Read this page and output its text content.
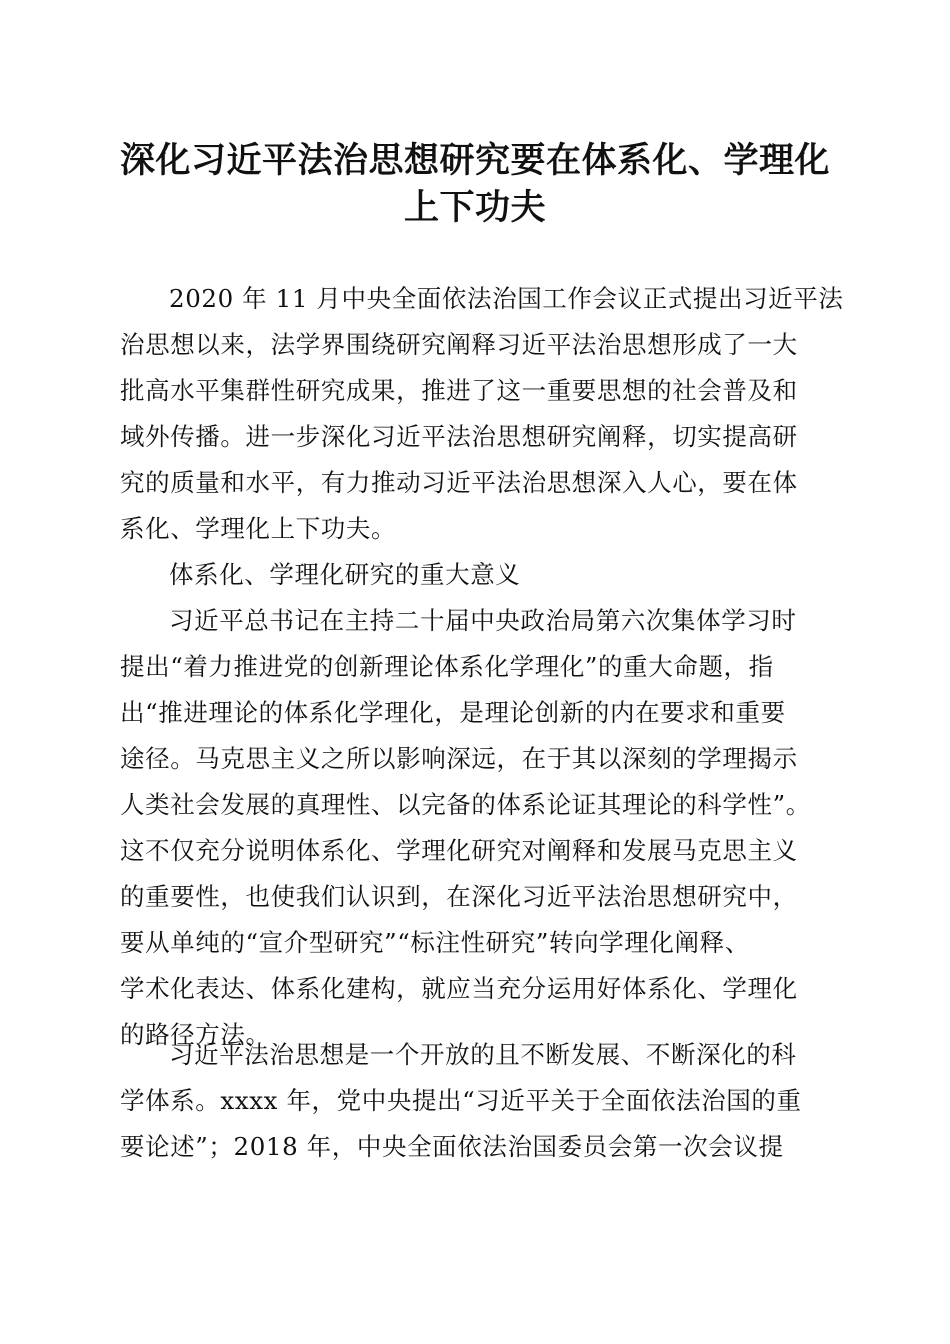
深化习近平法治思想研究要在体系化、学理化
上下功夫
2020 年 11 月中央全面依法治国工作会议正式提出习近平法
治思想以来，法学界围绕研究阐释习近平法治思想形成了一大
批高水平集群性研究成果，推进了这一重要思想的社会普及和
域外传播。进一步深化习近平法治思想研究阐释，切实提高研
究的质量和水平，有力推动习近平法治思想深入人心，要在体
系化、学理化上下功夫。
体系化、学理化研究的重大意义
习近平总书记在主持二十届中央政治局第六次集体学习时
提出“着力推进党的创新理论体系化学理化”的重大命题，指
出“推进理论的体系化学理化，是理论创新的内在要求和重要
途径。马克思主义之所以影响深远，在于其以深刻的学理揭示
人类社会发展的真理性、以完备的体系论证其理论的科学性”。
这不仅充分说明体系化、学理化研究对阐释和发展马克思主义
的重要性，也使我们认识到，在深化习近平法治思想研究中，
要从单纯的“宣介型研究”“标注性研究”转向学理化阐释、
学术化表达、体系化建构，就应当充分运用好体系化、学理化
的路径方法。
习近平法治思想是一个开放的且不断发展、不断深化的科
学体系。xxxx 年，党中央提出“习近平关于全面依法治国的重
要论述”；2018 年，中央全面依法治国委员会第一次会议提
